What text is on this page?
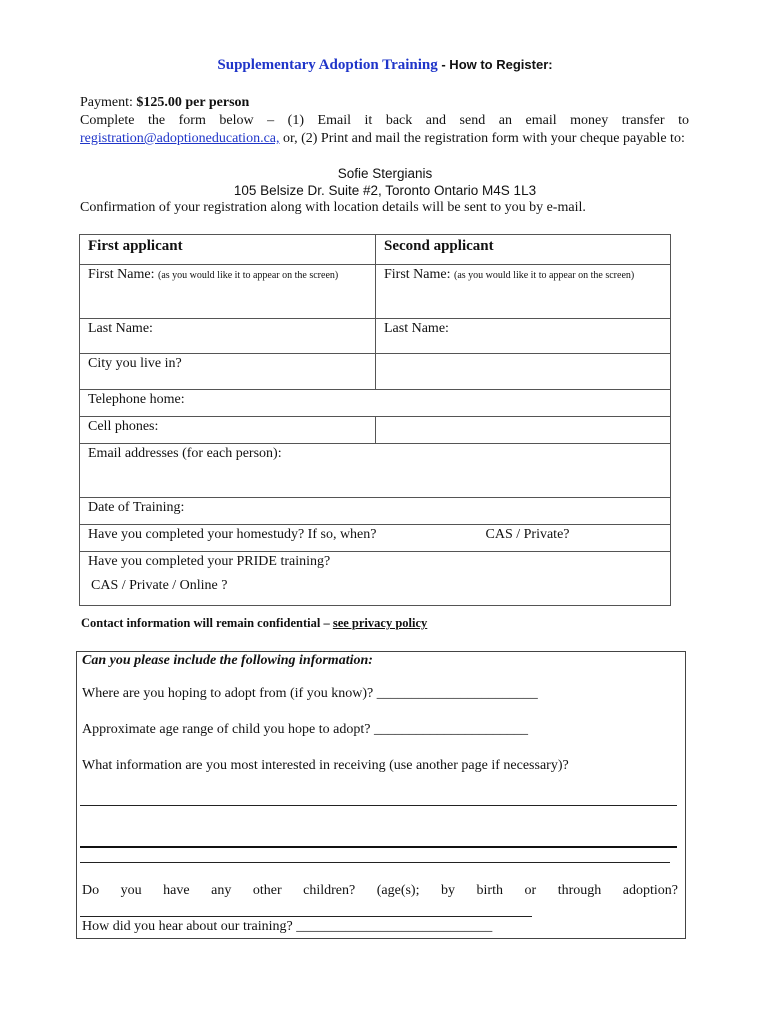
Supplementary Adoption Training - How to Register:
Payment: $125.00 per person
Complete the form below – (1) Email it back and send an email money transfer to registration@adoptioneducation.ca, or, (2) Print and mail the registration form with your cheque payable to:
Sofie Stergianis
105 Belsize Dr. Suite #2, Toronto Ontario M4S 1L3
Confirmation of your registration along with location details will be sent to you by e-mail.
First applicant	Second applicant
First Name: (as you would like it to appear on the screen)	First Name: (as you would like it to appear on the screen)
Last Name:	Last Name:
City you live in?	
Telephone home:	
Cell phones:	
Email addresses (for each person):	
Date of Training:	
Have you completed your homestudy? If so, when? CAS / Private?	

Have you completed your PRIDE training?
CAS / Private / Online ?	
Contact information will remain confidential – see privacy policy
Can you please include the following information:
Where are you hoping to adopt from (if you know)? _______________________
Approximate age range of child you hope to adopt? ______________________
What information are you most interested in receiving (use another page if necessary)?
Do you have any other children? (age(s); by birth or through adoption?
How did you hear about our training? ____________________________
